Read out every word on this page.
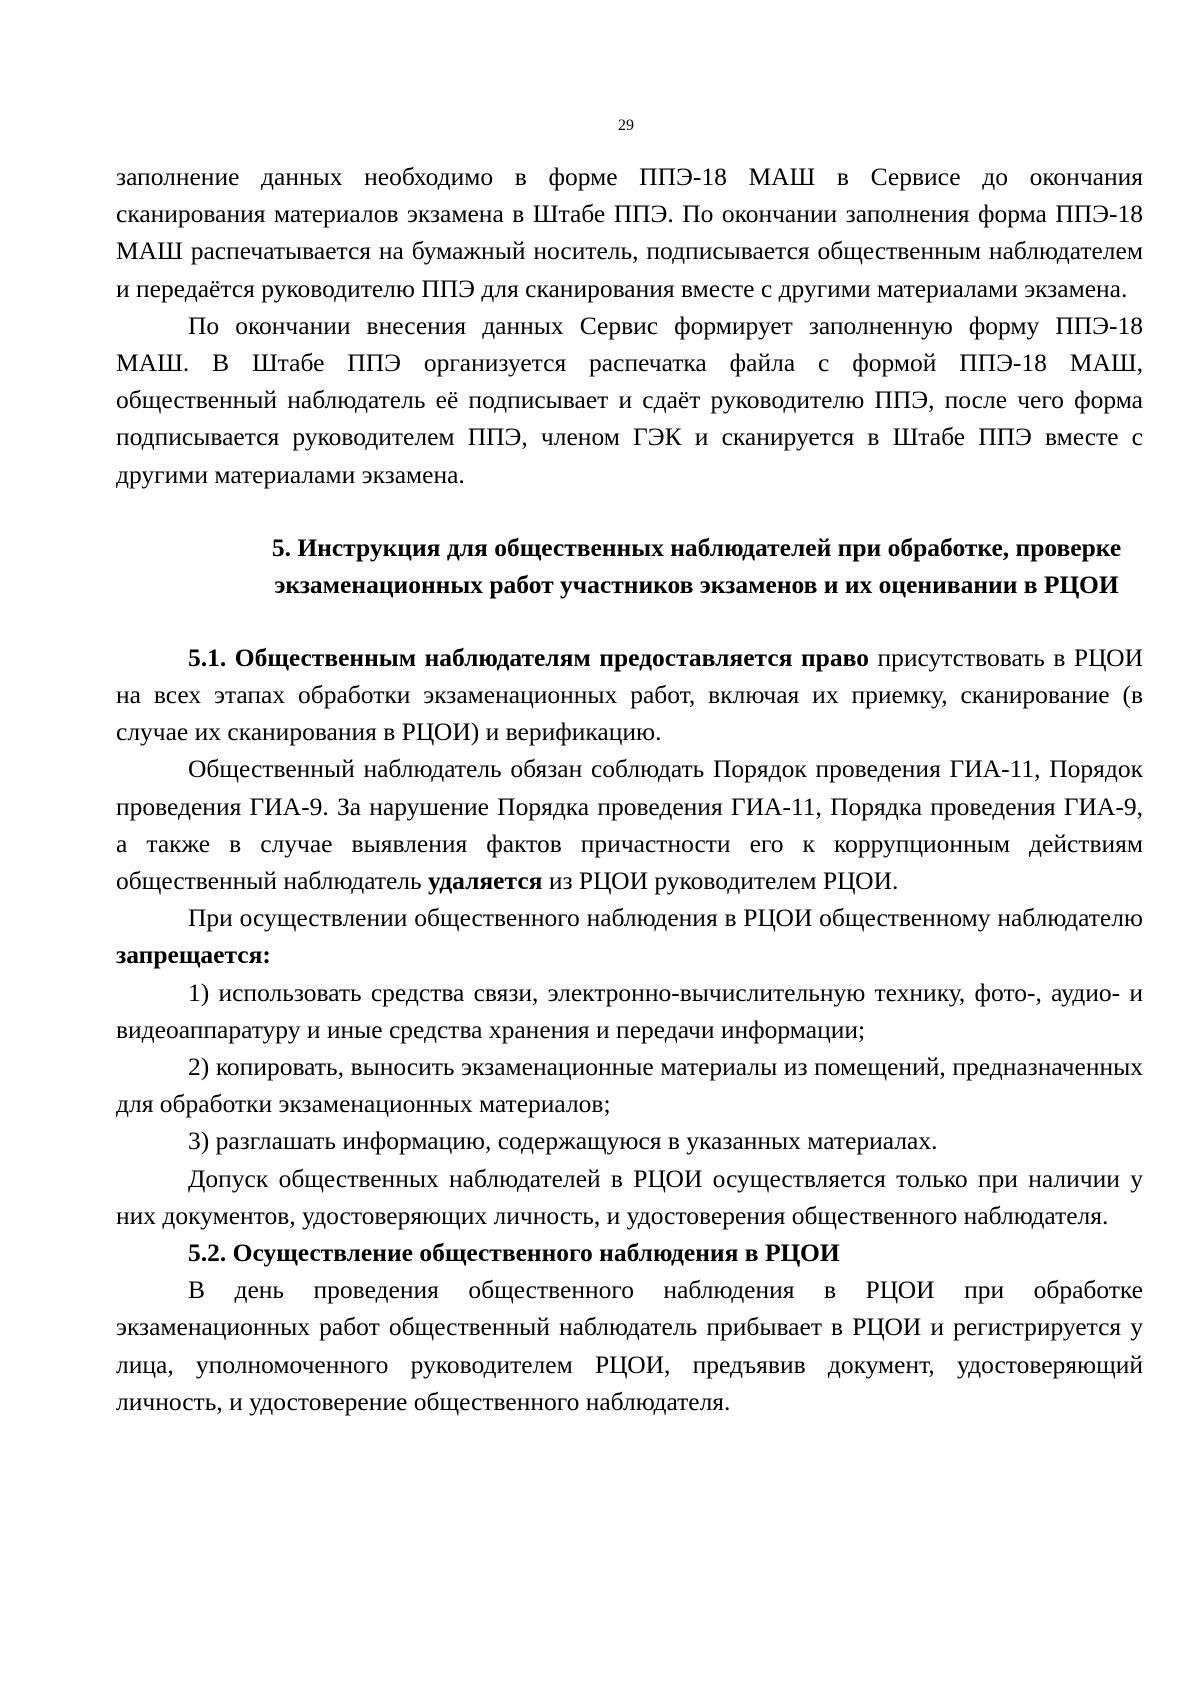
29

заполнение данных необходимо в форме ППЭ-18 МАШ в Сервисе до окончания сканирования материалов экзамена в Штабе ППЭ. По окончании заполнения форма ППЭ-18 МАШ распечатывается на бумажный носитель, подписывается общественным наблюдателем и передаётся руководителю ППЭ для сканирования вместе с другими материалами экзамена.

По окончании внесения данных Сервис формирует заполненную форму ППЭ-18 МАШ. В Штабе ППЭ организуется распечатка файла с формой ППЭ-18 МАШ, общественный наблюдатель её подписывает и сдаёт руководителю ППЭ, после чего форма подписывается руководителем ППЭ, членом ГЭК и сканируется в Штабе ППЭ вместе с другими материалами экзамена.

5. Инструкция для общественных наблюдателей при обработке, проверке экзаменационных работ участников экзаменов и их оценивании в РЦОИ

5.1. Общественным наблюдателям предоставляется право присутствовать в РЦОИ на всех этапах обработки экзаменационных работ, включая их приемку, сканирование (в случае их сканирования в РЦОИ) и верификацию.

Общественный наблюдатель обязан соблюдать Порядок проведения ГИА-11, Порядок проведения ГИА-9. За нарушение Порядка проведения ГИА-11, Порядка проведения ГИА-9, а также в случае выявления фактов причастности его к коррупционным действиям общественный наблюдатель удаляется из РЦОИ руководителем РЦОИ.

При осуществлении общественного наблюдения в РЦОИ общественному наблюдателю запрещается:

1) использовать средства связи, электронно-вычислительную технику, фото-, аудио- и видеоаппаратуру и иные средства хранения и передачи информации;

2) копировать, выносить экзаменационные материалы из помещений, предназначенных для обработки экзаменационных материалов;

3) разглашать информацию, содержащуюся в указанных материалах.

Допуск общественных наблюдателей в РЦОИ осуществляется только при наличии у них документов, удостоверяющих личность, и удостоверения общественного наблюдателя.

5.2. Осуществление общественного наблюдения в РЦОИ

В день проведения общественного наблюдения в РЦОИ при обработке экзаменационных работ общественный наблюдатель прибывает в РЦОИ и регистрируется у лица, уполномоченного руководителем РЦОИ, предъявив документ, удостоверяющий личность, и удостоверение общественного наблюдателя.
